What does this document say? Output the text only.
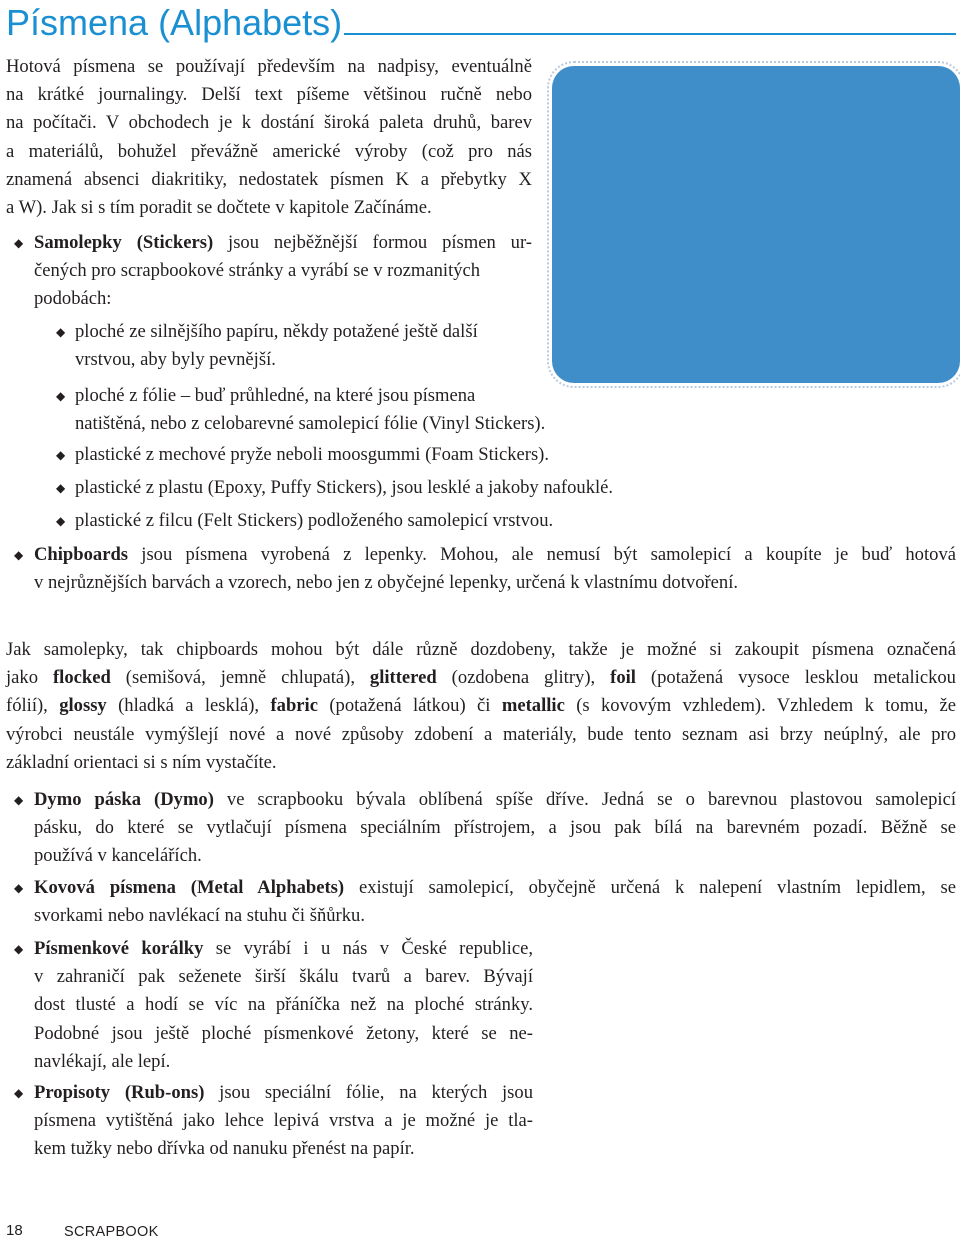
Písmena (Alphabets)
Hotová písmena se používají především na nadpisy, eventuálně
na krátké journalingy. Delší text píšeme většinou ručně nebo
na počítači. V obchodech je k dostání široká paleta druhů, barev
a materiálů, bohužel převážně americké výroby (což pro nás
znamená absenci diakritiky, nedostatek písmen K a přebytky X
a W). Jak si s tím poradit se dočtete v kapitole Začínáme.
◆ Samolepky (Stickers) jsou nejběžnější formou písmen ur-
čených pro scrapbookové stránky a vyrábí se v rozmanitých
podobách:
◆ ploché ze silnějšího papíru, někdy potažené ještě další
vrstvou, aby byly pevnější.
◆ ploché z fólie – buď průhledné, na které jsou písmena
natištěná, nebo z celobarevné samolepicí fólie (Vinyl Stickers).
◆ plastické z mechové pryže neboli moosgummi (Foam Stickers).
◆ plastické z plastu (Epoxy, Puffy Stickers), jsou lesklé a jakoby nafouklé.
◆ plastické z filcu (Felt Stickers) podloženého samolepicí vrstvou.
◆ Chipboards jsou písmena vyrobená z lepenky. Mohou, ale nemusí být samolepicí a koupíte je buď hotová
v nejrůznějších barvách a vzorech, nebo jen z obyčejné lepenky, určená k vlastnímu dotvoření.
Jak samolepky, tak chipboards mohou být dále různě dozdobeny, takže je možné si zakoupit písmena označená
jako flocked (semišová, jemně chlupatá), glittered (ozdobena glitry), foil (potažená vysoce lesklou metalickou
fólií), glossy (hladká a lesklá), fabric (potažená látkou) či metallic (s kovovým vzhledem). Vzhledem k tomu, že
výrobci neustále vymýšlejí nové a nové způsoby zdobení a materiály, bude tento seznam asi brzy neúplný, ale pro
základní orientaci si s ním vystačíte.
◆ Dymo páska (Dymo) ve scrapbooku bývala oblíbená spíše dříve. Jedná se o barevnou plastovou samolepicí
pásku, do které se vytlačují písmena speciálním přístrojem, a jsou pak bílá na barevném pozadí. Běžně se
používá v kancelářích.
◆ Kovová písmena (Metal Alphabets) existují samolepicí, obyčejně určená k nalepení vlastním lepidlem, se
svorkami nebo navlékací na stuhu či šňůrku.
◆ Písmenkové korálky se vyrábí i u nás v České republice,
v zahraničí pak seženete širší škálu tvarů a barev. Bývají
dost tlusté a hodí se víc na přáníčka než na ploché stránky.
Podobné jsou ještě ploché písmenkové žetony, které se ne-
navlékají, ale lepí.
◆ Propisoty (Rub-ons) jsou speciální fólie, na kterých jsou
písmena vytištěná jako lehce lepivá vrstva a je možné je tla-
kem tužky nebo dřívka od nanuku přenést na papír.
18	SCRAPBOOK
